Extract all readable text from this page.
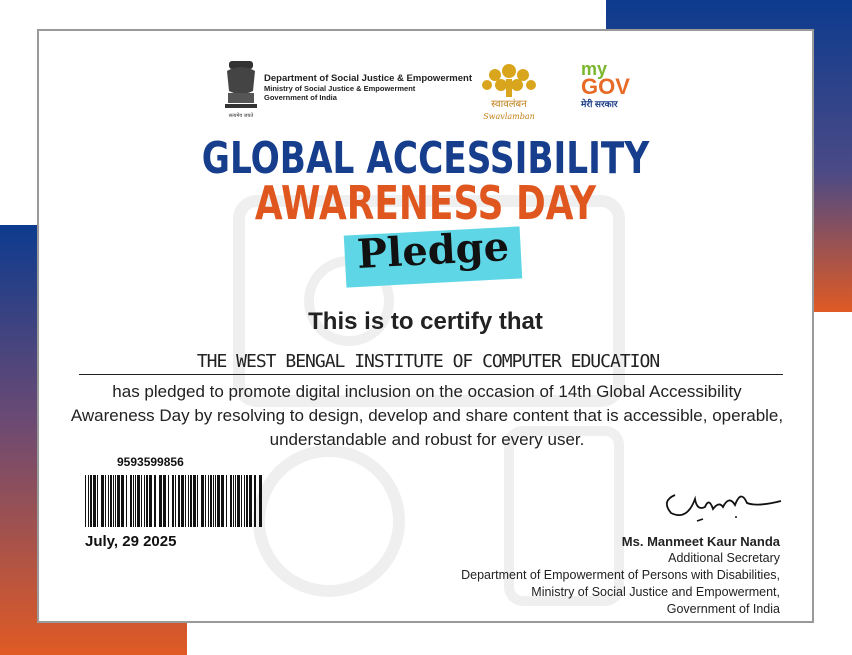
सत्यमेव जयते
Department of Social Justice & Empowerment
Ministry of Social Justice & Empowerment
Government of India
स्वावलंबन
Swavlamban
my
GOV
मेरी सरकार
GLOBAL ACCESSIBILITY
AWARENESS DAY
Pledge
This is to certify that
THE WEST BENGAL INSTITUTE OF COMPUTER EDUCATION
has pledged to promote digital inclusion on the occasion of 14th Global Accessibility Awareness Day by resolving to design, develop and share content that is accessible, operable, understandable and robust for every user.
9593599856
July, 29 2025	Ms. Manmeet Kaur Nanda
Additional Secretary
Department of Empowerment of Persons with Disabilities,
Ministry of Social Justice and Empowerment,
Government of India
